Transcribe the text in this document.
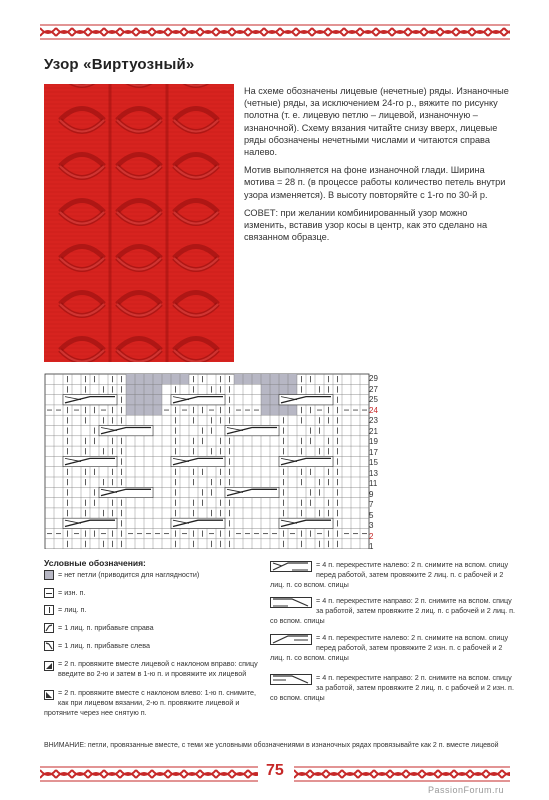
Узор «Виртуозный»

На схеме обозначены лицевые (нечетные) ряды. Изнаночные (четные) ряды, за исключением 24-го р., вяжите по рисунку полотна (т. е. лицевую петлю – лицевой, изнаночную – изнаночной). Схему вязания читайте снизу вверх, лицевые ряды обозначены нечетными числами и читаются справа налево.

Мотив выполняется на фоне изнаночной глади. Ширина мотива = 28 п. (в процессе работы количество петель внутри узора изменяется). В высоту повторяйте с 1-го по 30-й р.

СОВЕТ: при желании комбинированный узор можно изменить, вставив узор косы в центр, как это сделано на связанном образце.

29
27
25
24
23
21
19
17
15
13
11
9
7
5
3
2
1
Условные обозначения:
= нет петли (приводится для наглядности)
= изн. п.
= лиц. п.
= 1 лиц. п. прибавьте справа
= 1 лиц. п. прибавьте слева
= 2 п. провяжите вместе лицевой с наклоном вправо: спицу введите во 2-ю и затем в 1-ю п. и провяжите их лицевой
= 2 п. провяжите вместе с наклоном влево: 1-ю п. снимите, как при лицевом вязании, 2-ю п. провяжите лицевой и протяните через нее снятую п.
= 4 п. перекрестите налево: 2 п. снимите на вспом. спицу перед работой, затем провяжите 2 лиц. п. с рабочей и 2 лиц. п. со вспом. спицы
= 4 п. перекрестите направо: 2 п. снимите на вспом. спицу за работой, затем провяжите 2 лиц. п. с рабочей и 2 лиц. п. со вспом. спицы
= 4 п. перекрестите налево: 2 п. снимите на вспом. спицу перед работой, затем провяжите 2 изн. п. с рабочей и 2 лиц. п. со вспом. спицы
= 4 п. перекрестите направо: 2 п. снимите на вспом. спицу за работой, затем провяжите 2 лиц. п. с рабочей и 2 изн. п. со вспом. спицы
ВНИМАНИЕ: петли, провязанные вместе, с теми же условными обозначениями в изнаночных рядах провязывайте как 2 п. вместе лицевой
75
PassionForum.ru
